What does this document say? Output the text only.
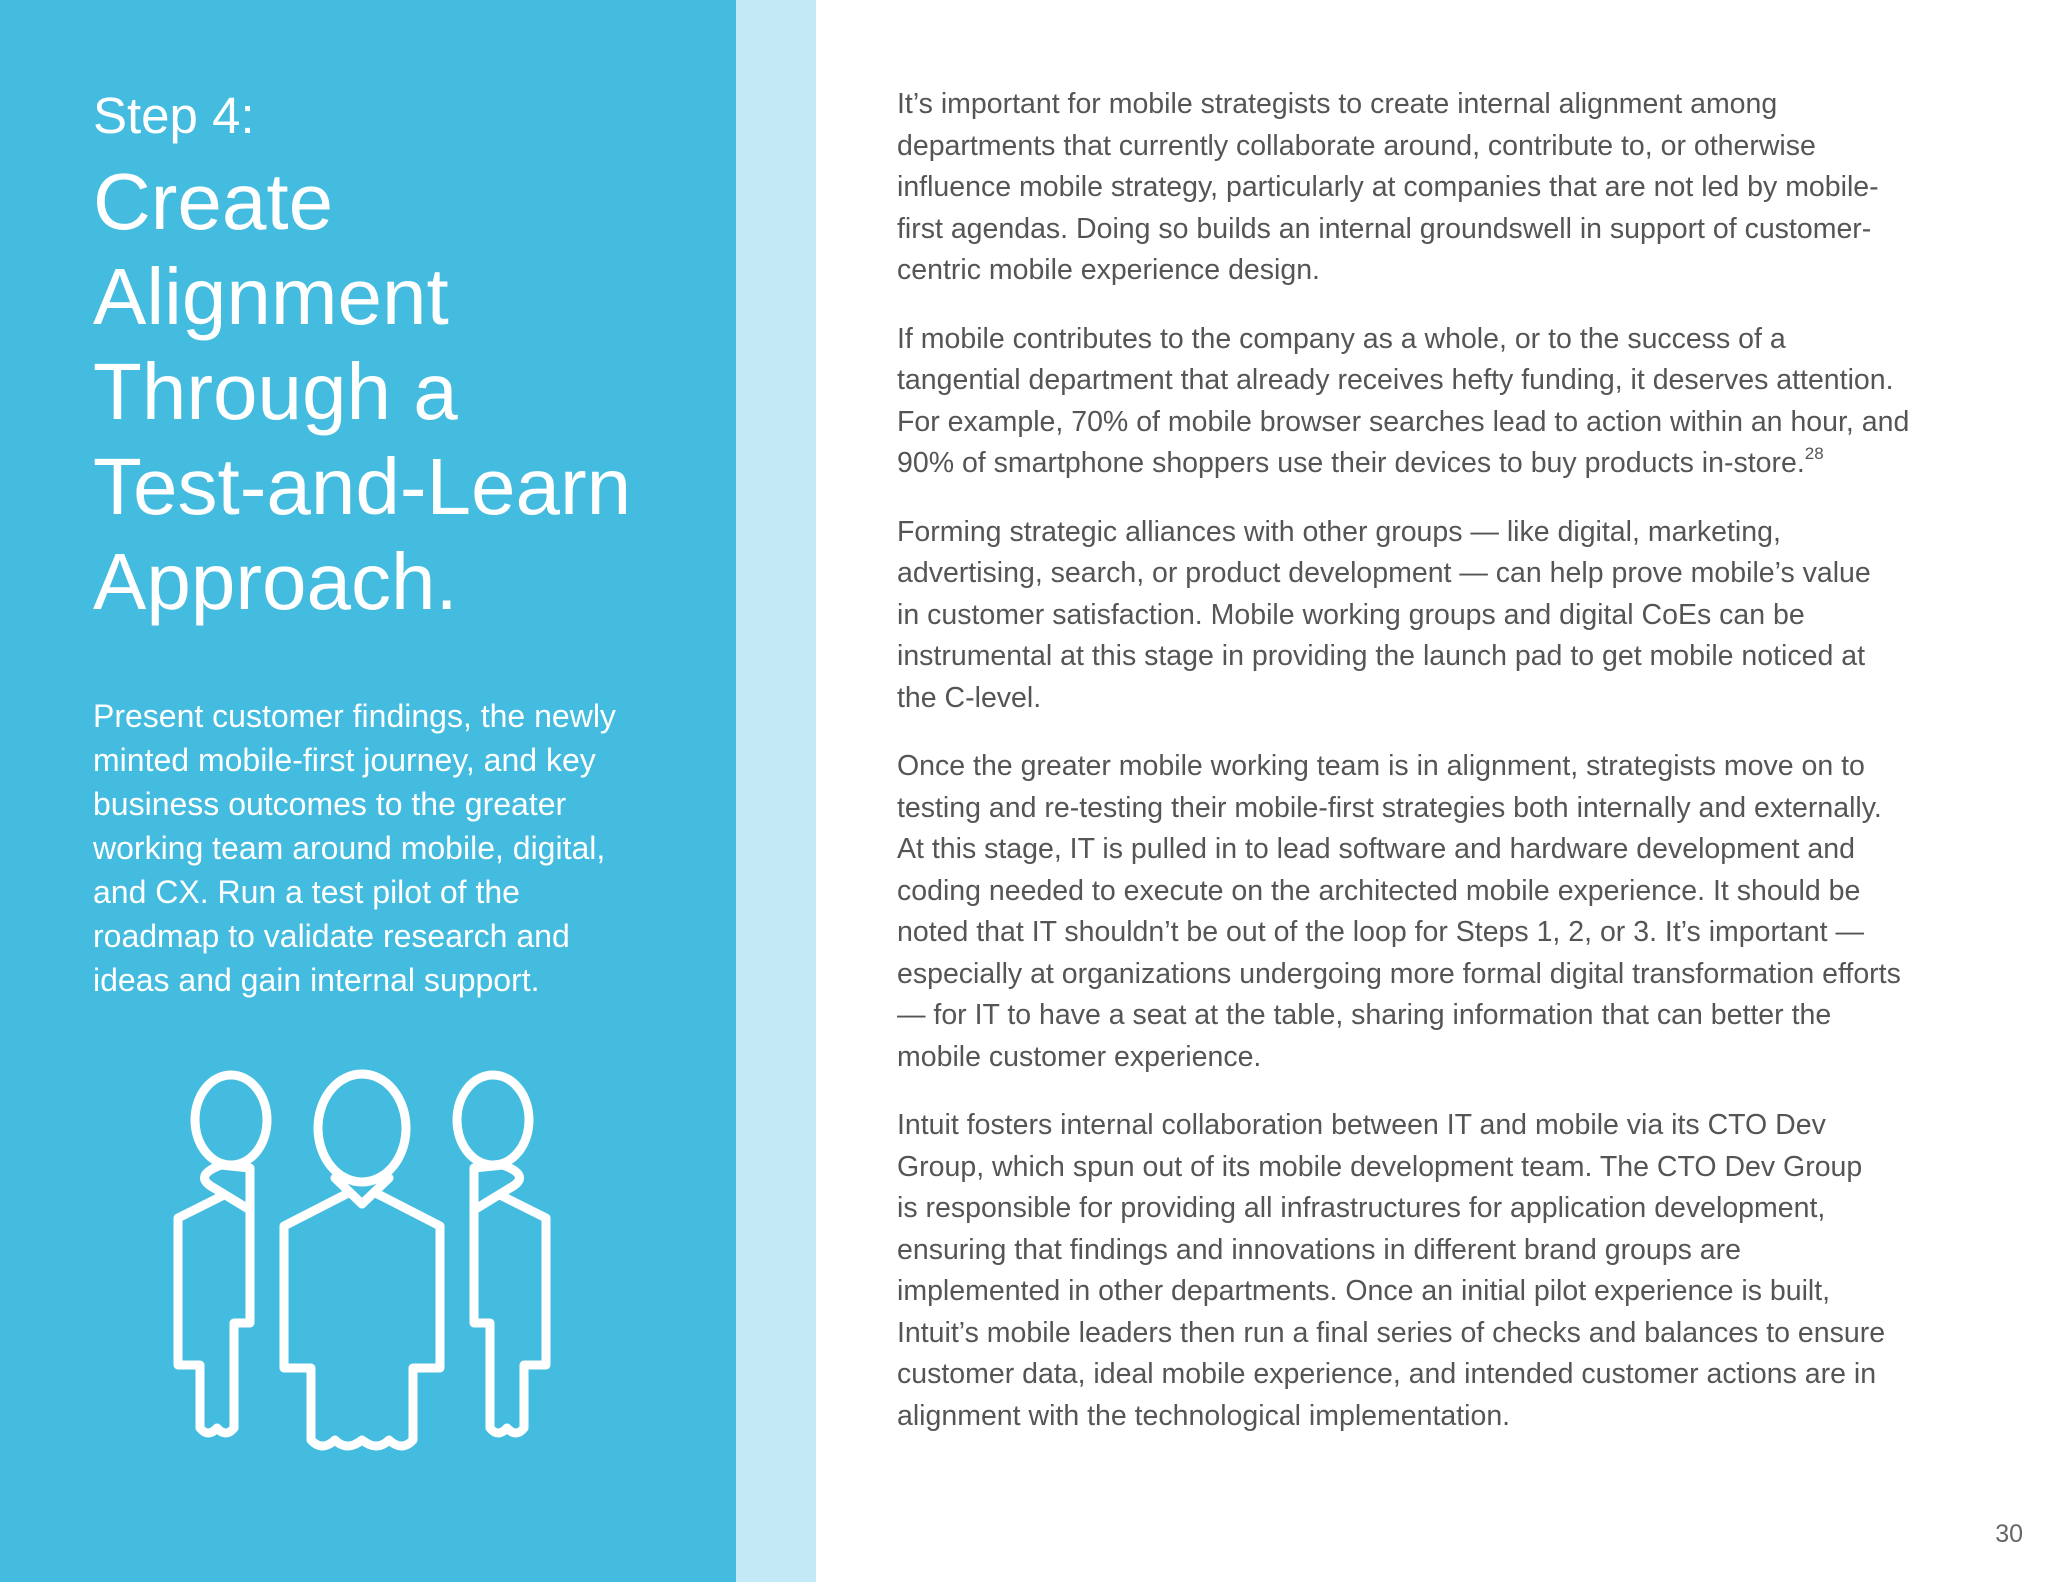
Step 4:

Create
Alignment
Through a
Test-and-Learn
Approach.

Present customer findings, the newly
minted mobile-first journey, and key
business outcomes to the greater
working team around mobile, digital,
and CX. Run a test pilot of the
roadmap to validate research and
ideas and gain internal support.

It’s important for mobile strategists to create internal alignment among
departments that currently collaborate around, contribute to, or otherwise
influence mobile strategy, particularly at companies that are not led by mobile-
first agendas. Doing so builds an internal groundswell in support of customer-
centric mobile experience design.

If mobile contributes to the company as a whole, or to the success of a
tangential department that already receives hefty funding, it deserves attention.
For example, 70% of mobile browser searches lead to action within an hour, and
90% of smartphone shoppers use their devices to buy products in-store.$^{28}$

Forming strategic alliances with other groups — like digital, marketing,
advertising, search, or product development — can help prove mobile’s value
in customer satisfaction. Mobile working groups and digital CoEs can be
instrumental at this stage in providing the launch pad to get mobile noticed at
the C-level.

Once the greater mobile working team is in alignment, strategists move on to
testing and re-testing their mobile-first strategies both internally and externally.
At this stage, IT is pulled in to lead software and hardware development and
coding needed to execute on the architected mobile experience. It should be
noted that IT shouldn’t be out of the loop for Steps 1, 2, or 3. It’s important —
especially at organizations undergoing more formal digital transformation efforts
— for IT to have a seat at the table, sharing information that can better the
mobile customer experience.

Intuit fosters internal collaboration between IT and mobile via its CTO Dev
Group, which spun out of its mobile development team. The CTO Dev Group
is responsible for providing all infrastructures for application development,
ensuring that findings and innovations in different brand groups are
implemented in other departments. Once an initial pilot experience is built,
Intuit’s mobile leaders then run a final series of checks and balances to ensure
customer data, ideal mobile experience, and intended customer actions are in
alignment with the technological implementation.

30
